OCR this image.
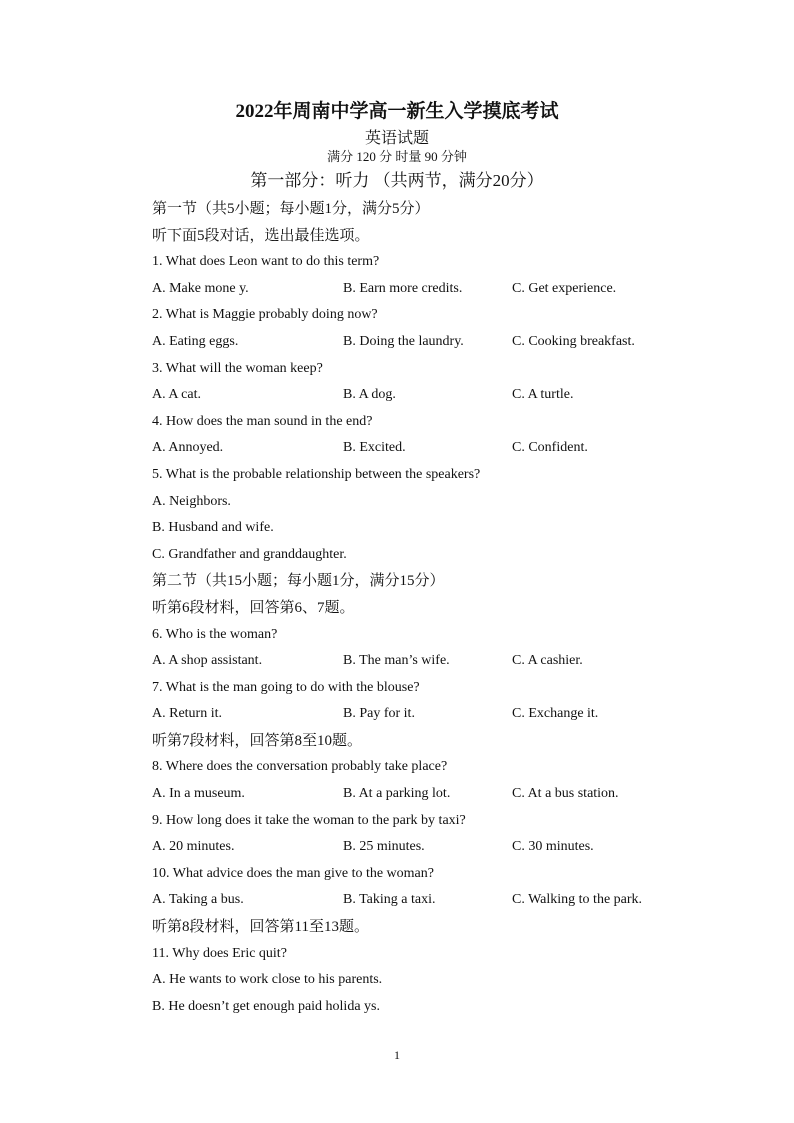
2022年周南中学高一新生入学摸底考试
英语试题
满分 120 分 时量 90 分钟
第一部分：听力 （共两节，满分20分）
第一节（共5小题；每小题1分，满分5分）
听下面5段对话，选出最佳选项。
1. What does Leon want to do this term?
A. Make mone y.	B. Earn more credits.	C. Get experience.
2. What is Maggie probably doing now?
A. Eating eggs.	B. Doing the laundry.	C. Cooking breakfast.
3. What will the woman keep?
A. A cat.	B. A dog.	C. A turtle.
4. How does the man sound in the end?
A. Annoyed.	B. Excited.	C. Confident.
5. What is the probable relationship between the speakers?
A. Neighbors.
B. Husband and wife.
C. Grandfather and granddaughter.
第二节（共15小题；每小题1分，满分15分）
听第6段材料，回答第6、7题。
6. Who is the woman?
A. A shop assistant.	B. The man’s wife.	C. A cashier.
7. What is the man going to do with the blouse?
A. Return it.	B. Pay for it.	C. Exchange it.
听第7段材料，回答第8至10题。
8. Where does the conversation probably take place?
A. In a museum.	B. At a parking lot.	C. At a bus station.
9. How long does it take the woman to the park by taxi?
A. 20 minutes.	B. 25 minutes.	C. 30 minutes.
10. What advice does the man give to the woman?
A. Taking a bus.	B. Taking a taxi.	C. Walking to the park.
听第8段材料，回答第11至13题。
11. Why does Eric quit?
A. He wants to work close to his parents.
B. He doesn’t get enough paid holida ys.
1
